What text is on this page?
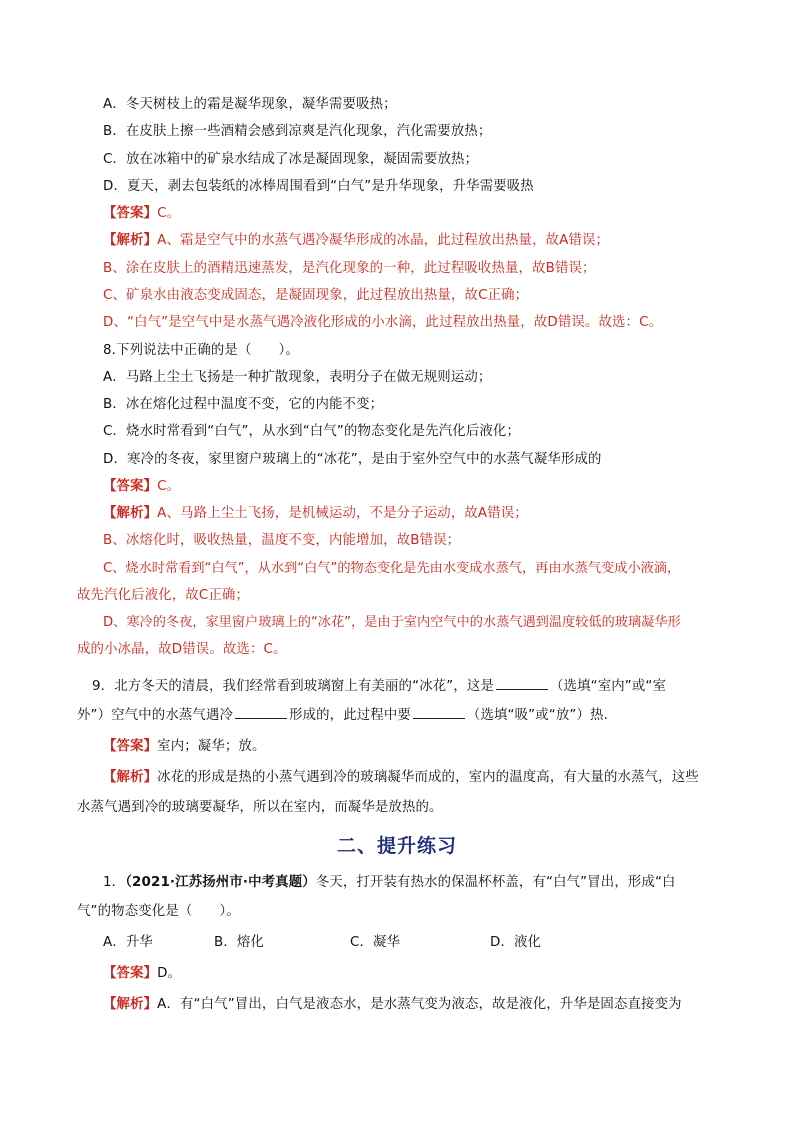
A．冬天树枝上的霜是凝华现象，凝华需要吸热；
B．在皮肤上擦一些酒精会感到凉爽是汽化现象，汽化需要放热；
C．放在冰箱中的矿泉水结成了冰是凝固现象，凝固需要放热；
D．夏天，剥去包装纸的冰棒周围看到“白气”是升华现象，升华需要吸热
【答案】C。
【解析】A、霜是空气中的水蒸气遇冷凝华形成的冰晶，此过程放出热量，故A错误；
B、涂在皮肤上的酒精迅速蒸发，是汽化现象的一种，此过程吸收热量，故B错误；
C、矿泉水由液态变成固态，是凝固现象，此过程放出热量，故C正确；
D、“白气”是空气中是水蒸气遇冷液化形成的小水滴，此过程放出热量，故D错误。故选：C。
8.下列说法中正确的是（　　）。
A．马路上尘土飞扬是一种扩散现象，表明分子在做无规则运动；
B．冰在熔化过程中温度不变，它的内能不变；
C．烧水时常看到“白气”，从水到“白气”的物态变化是先汽化后液化；
D．寒冷的冬夜，家里窗户玻璃上的“冰花”，是由于室外空气中的水蒸气凝华形成的
【答案】C。
【解析】A、马路上尘土飞扬，是机械运动，不是分子运动，故A错误；
B、冰熔化时，吸收热量，温度不变，内能增加，故B错误；
C、烧水时常看到“白气”，从水到“白气”的物态变化是先由水变成水蒸气，再由水蒸气变成小液滴，
故先汽化后液化，故C正确；
D、寒冷的冬夜，家里窗户玻璃上的“冰花”，是由于室内空气中的水蒸气遇到温度较低的玻璃凝华形
成的小冰晶，故D错误。故选：C。
9．北方冬天的清晨，我们经常看到玻璃窗上有美丽的“冰花”，这是	（选填“室内”或“室
外”）空气中的水蒸气遇冷	形成的，此过程中要	（选填“吸”或“放”）热．
【答案】室内；凝华；放。
【解析】冰花的形成是热的小蒸气遇到冷的玻璃凝华而成的，室内的温度高，有大量的水蒸气，这些
水蒸气遇到冷的玻璃要凝华，所以在室内，而凝华是放热的。
二、提升练习
1．（2021·江苏扬州市·中考真题）冬天，打开装有热水的保温杯杯盖，有“白气”冒出，形成“白
气”的物态变化是（　　）。
A．升华	B．熔化	C．凝华	D．液化
【答案】D。
【解析】A．有“白气”冒出，白气是液态水，是水蒸气变为液态，故是液化，升华是固态直接变为
